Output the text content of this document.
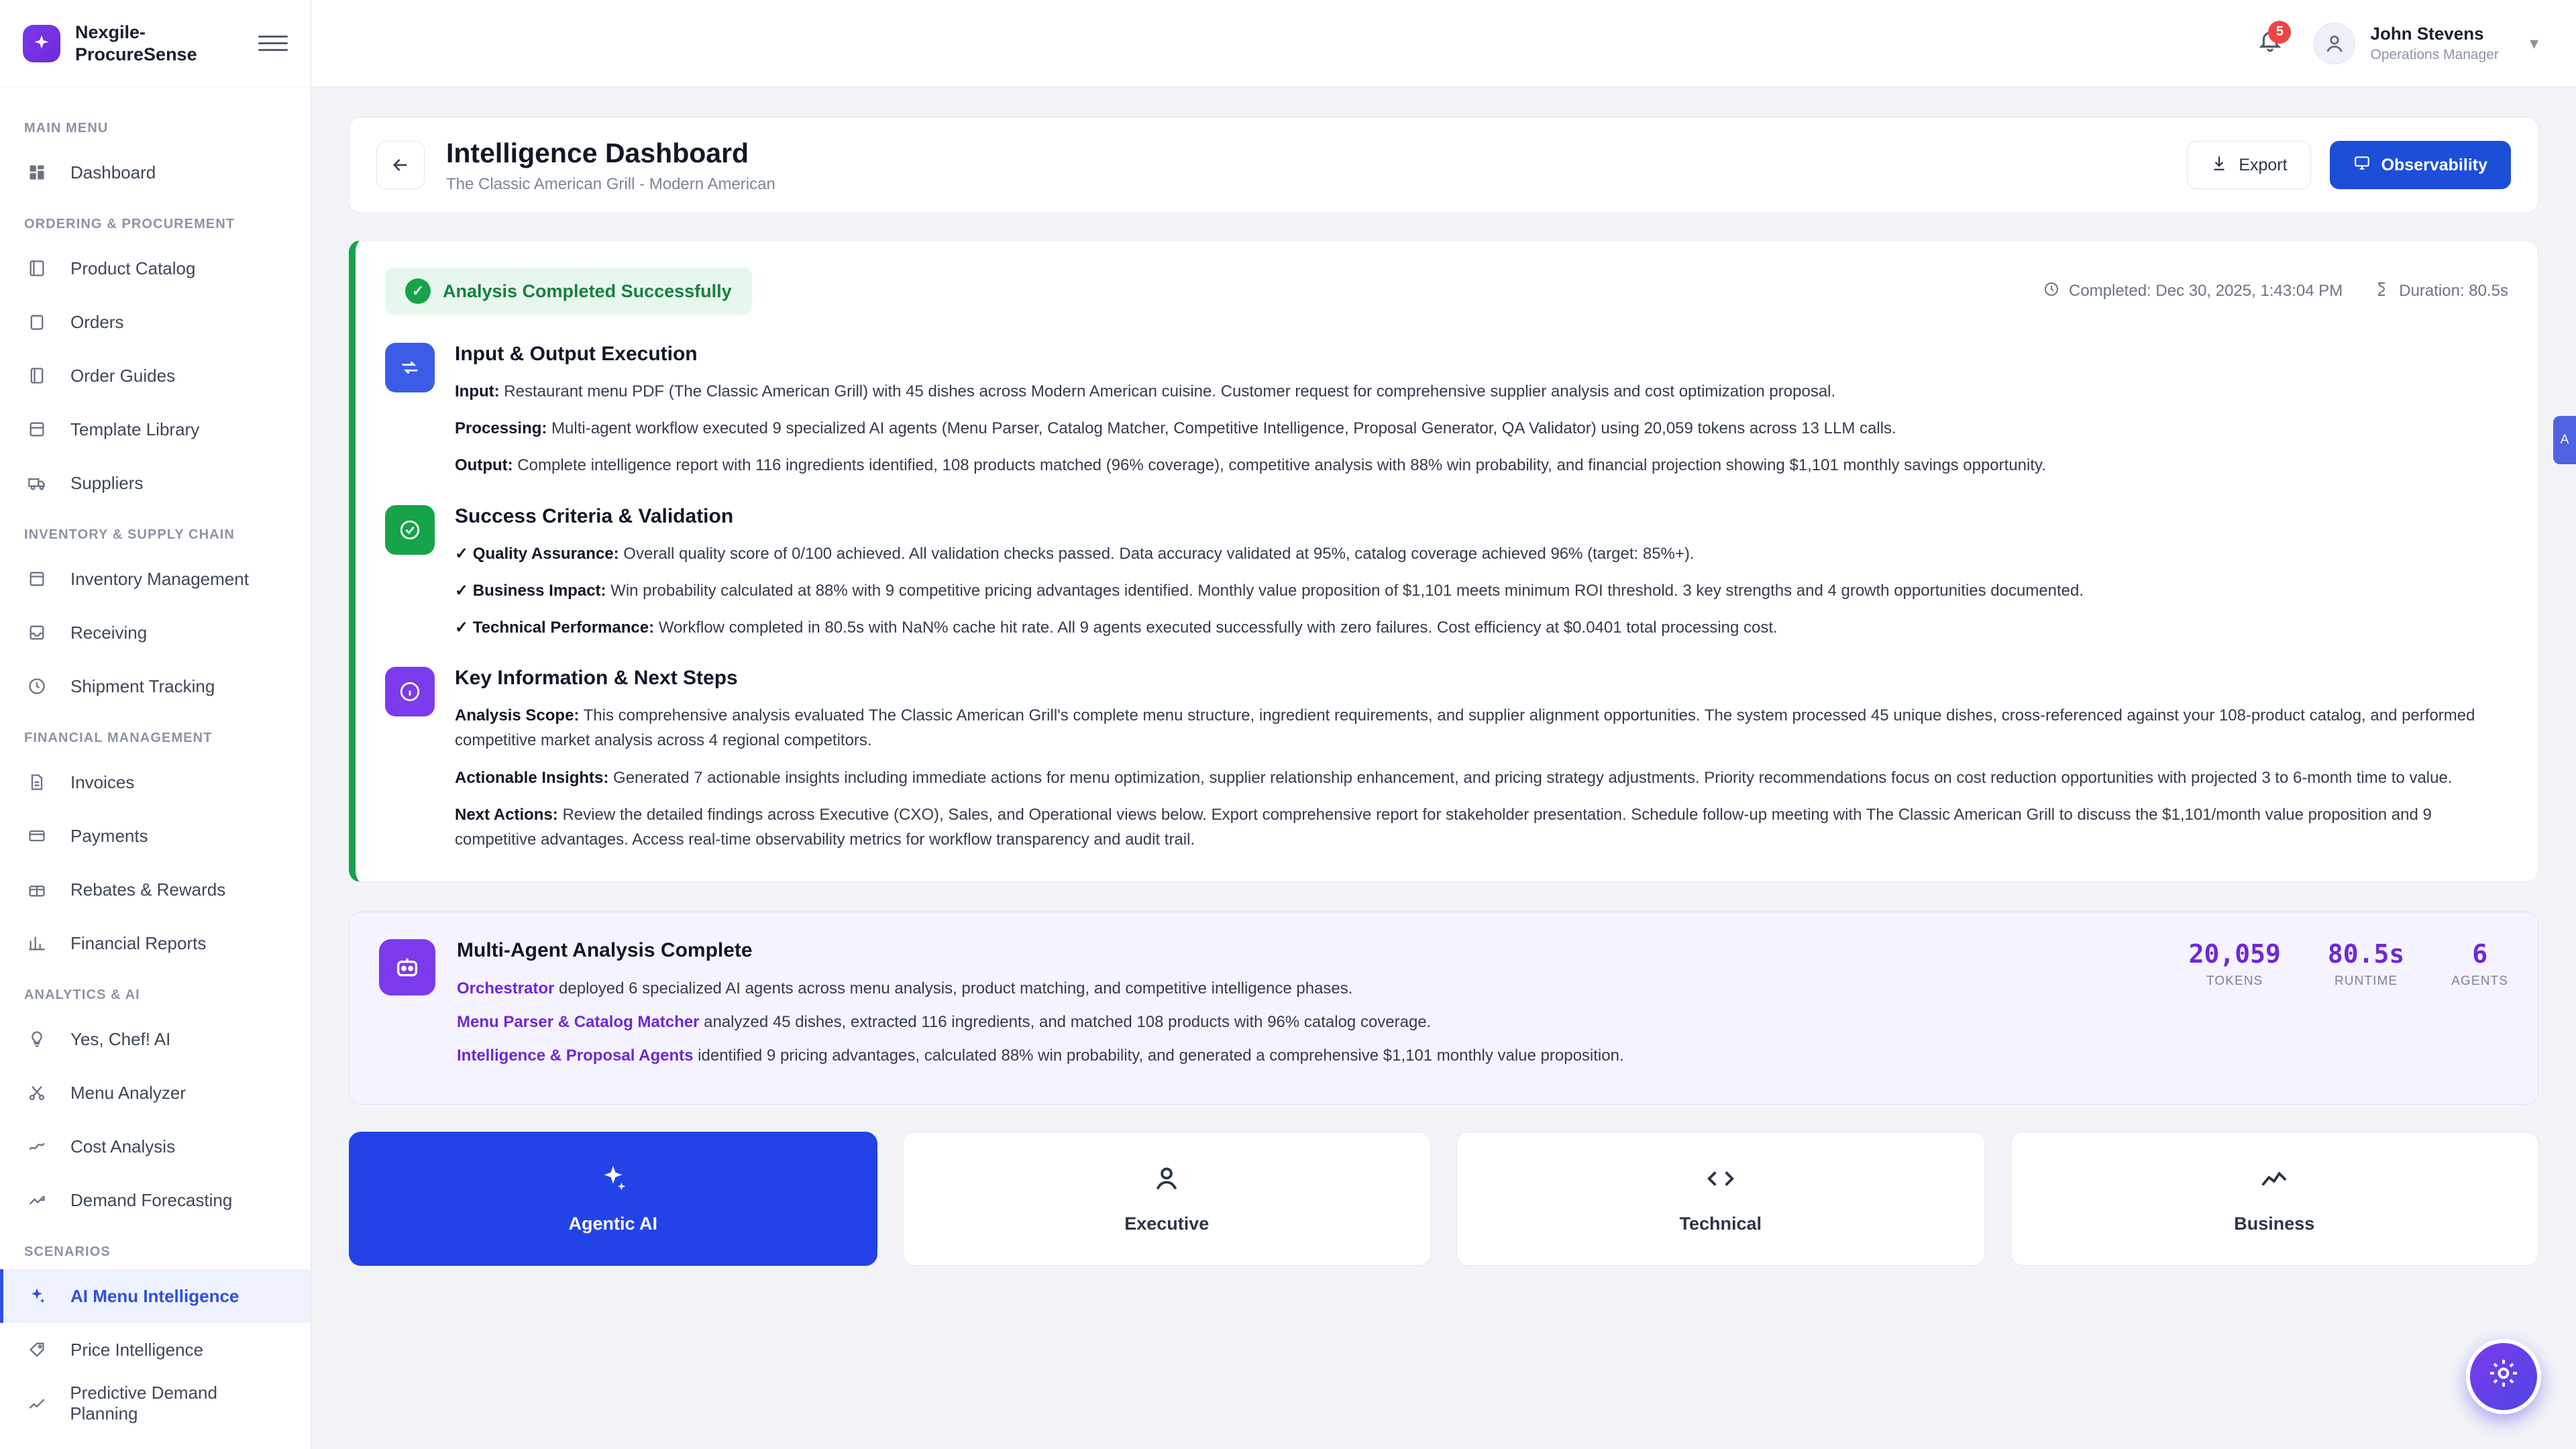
Nexgile-ProcureSense
MAIN MENU
Dashboard
ORDERING & PROCUREMENT
Product Catalog
Orders
Order Guides
Template Library
Suppliers
INVENTORY & SUPPLY CHAIN
Inventory Management
Receiving
Shipment Tracking
FINANCIAL MANAGEMENT
Invoices
Payments
Rebates & Rewards
Financial Reports
ANALYTICS & AI
Yes, Chef! AI
Menu Analyzer
Cost Analysis
Demand Forecasting
SCENARIOS
AI Menu Intelligence
Price Intelligence
Predictive Demand Planning
5	John Stevens
Operations Manager
▾
Intelligence Dashboard
The Classic American Grill - Modern American
Export	Observability
✓	Analysis Completed Successfully	Completed: Dec 30, 2025, 1:43:04 PM	Duration: 80.5s
Input & Output Execution
Input: Restaurant menu PDF (The Classic American Grill) with 45 dishes across Modern American cuisine. Customer request for comprehensive supplier analysis and cost optimization proposal.
Processing: Multi-agent workflow executed 9 specialized AI agents (Menu Parser, Catalog Matcher, Competitive Intelligence, Proposal Generator, QA Validator) using 20,059 tokens across 13 LLM calls.
Output: Complete intelligence report with 116 ingredients identified, 108 products matched (96% coverage), competitive analysis with 88% win probability, and financial projection showing $1,101 monthly savings opportunity.
Success Criteria & Validation
✓ Quality Assurance: Overall quality score of 0/100 achieved. All validation checks passed. Data accuracy validated at 95%, catalog coverage achieved 96% (target: 85%+).
✓ Business Impact: Win probability calculated at 88% with 9 competitive pricing advantages identified. Monthly value proposition of $1,101 meets minimum ROI threshold. 3 key strengths and 4 growth opportunities documented.
✓ Technical Performance: Workflow completed in 80.5s with NaN% cache hit rate. All 9 agents executed successfully with zero failures. Cost efficiency at $0.0401 total processing cost.
Key Information & Next Steps
Analysis Scope: This comprehensive analysis evaluated The Classic American Grill's complete menu structure, ingredient requirements, and supplier alignment opportunities. The system processed 45 unique dishes, cross-referenced against your 108-product catalog, and performed competitive market analysis across 4 regional competitors.
Actionable Insights: Generated 7 actionable insights including immediate actions for menu optimization, supplier relationship enhancement, and pricing strategy adjustments. Priority recommendations focus on cost reduction opportunities with projected 3 to 6-month time to value.
Next Actions: Review the detailed findings across Executive (CXO), Sales, and Operational views below. Export comprehensive report for stakeholder presentation. Schedule follow-up meeting with The Classic American Grill to discuss the $1,101/month value proposition and 9 competitive advantages. Access real-time observability metrics for workflow transparency and audit trail.
Multi-Agent Analysis Complete
Orchestrator deployed 6 specialized AI agents across menu analysis, product matching, and competitive intelligence phases.
Menu Parser & Catalog Matcher analyzed 45 dishes, extracted 116 ingredients, and matched 108 products with 96% catalog coverage.
Intelligence & Proposal Agents identified 9 pricing advantages, calculated 88% win probability, and generated a comprehensive $1,101 monthly value proposition.
20,059
TOKENS
80.5s
RUNTIME
6
AGENTS
Agentic AI	Executive	Technical	Business
A
